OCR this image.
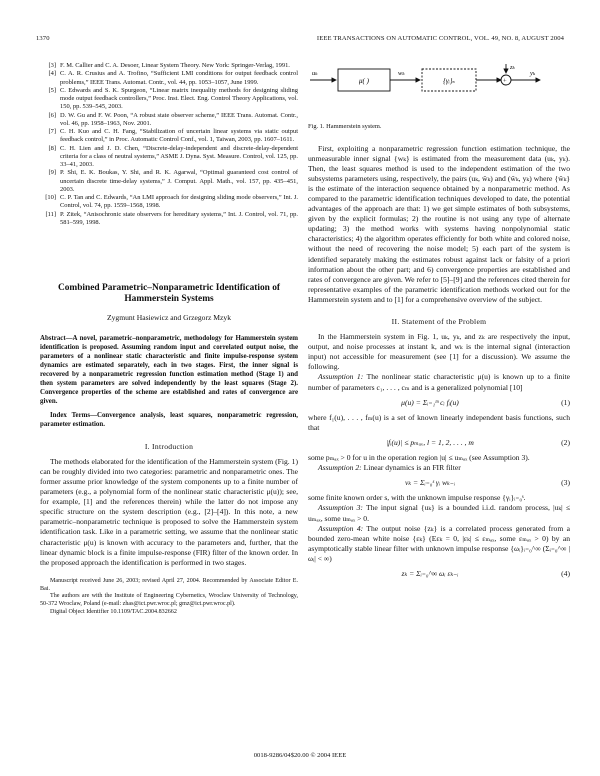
1370	IEEE TRANSACTIONS ON AUTOMATIC CONTROL, VOL. 49, NO. 8, AUGUST 2004
[3] F. M. Callier and C. A. Desoer, Linear System Theory. New York: Springer-Verlag, 1991.
[4] C. A. R. Crusius and A. Trofino, “Sufficient LMI conditions for output feedback control problems,” IEEE Trans. Automat. Contr., vol. 44, pp. 1053–1057, June 1999.
[5] C. Edwards and S. K. Spurgeon, “Linear matrix inequality methods for designing sliding mode output feedback controllers,” Proc. Inst. Elect. Eng. Control Theory Applications, vol. 150, pp. 539–545, 2003.
[6] D. W. Gu and F. W. Poon, “A robust state observer scheme,” IEEE Trans. Automat. Contr., vol. 46, pp. 1958–1963, Nov. 2001.
[7] C. H. Kuo and C. H. Fang, “Stabilization of uncertain linear systems via static output feedback control,” in Proc. Automatic Control Conf., vol. 1, Taiwan, 2003, pp. 1607–1611.
[8] C. H. Lien and J. D. Chen, “Discrete-delay-independent and discrete-delay-dependent criteria for a class of neutral systems,” ASME J. Dyna. Syst. Measure. Control, vol. 125, pp. 33–41, 2003.
[9] P. Shi, E. K. Boukas, Y. Shi, and R. K. Agarwal, “Optimal guaranteed cost control of uncertain discrete time-delay systems,” J. Comput. Appl. Math., vol. 157, pp. 435–451, 2003.
[10] C. P. Tan and C. Edwards, “An LMI approach for designing sliding mode observers,” Int. J. Control, vol. 74, pp. 1559–1568, 1998.
[11] P. Zitek, “Anisochronic state observers for hereditary systems,” Int. J. Control, vol. 71, pp. 581–599, 1998.
Combined Parametric–Nonparametric Identification of Hammerstein Systems
Zygmunt Hasiewicz and Grzegorz Mzyk

Abstract—A novel, parametric–nonparametric, methodology for Hammerstein system identification is proposed. Assuming random input and correlated output noise, the parameters of a nonlinear static characteristic and finite impulse-response system dynamics are estimated separately, each in two stages. First, the inner signal is recovered by a nonparametric regression function estimation method (Stage 1) and then system parameters are solved independently by the least squares (Stage 2). Convergence properties of the scheme are established and rates of convergence are given.

Index Terms—Convergence analysis, least squares, nonparametric regression, parameter estimation.

I. Introduction

The methods elaborated for the identification of the Hammerstein system (Fig. 1) can be roughly divided into two categories: parametric and nonparametric ones. The former assume prior knowledge of the system components up to a finite number of parameters (e.g., a polynomial form of the nonlinear static characteristic μ(u)); see, for example, [1] and the references therein) while the latter do not impose any specific structure on the system description (e.g., [2]–[4]). In this note, a new parametric–nonparametric technique is proposed to solve the Hammerstein system identification task. Like in a parametric setting, we assume that the nonlinear static characteristic μ(u) is known with accuracy to the parameters and, further, that the linear dynamic block is a finite impulse-response (FIR) filter of the known order. In the proposed approach the identification is performed in two stages.

Manuscript received June 26, 2003; revised April 27, 2004. Recommended by Associate Editor E. Bai.

The authors are with the Institute of Engineering Cybernetics, Wroclaw University of Technology, 50-372 Wroclaw, Poland (e-mail: zhas@ict.pwr.wroc.pl; gmz@ict.pwr.wroc.pl).

Digital Object Identifier 10.1109/TAC.2004.832662
uₖ
μ( )
wₖ
{γᵢ}ₛ	+
zₖ
yₖ
Fig. 1. Hammerstein system.

First, exploiting a nonparametric regression function estimation technique, the unmeasurable inner signal {wₖ} is estimated from the measurement data (uₖ, yₖ). Then, the least squares method is used to the independent estimation of the two subsystems parameters using, respectively, the pairs (uₖ, ŵₖ) and (ŵₖ, yₖ) where {ŵₖ} is the estimate of the interaction sequence obtained by a nonparametric method. As compared to the parametric identification techniques developed to date, the potential advantages of the approach are that: 1) we get simple estimates of both subsystems, given by the explicit formulas; 2) the routine is not using any type of alternate updating; 3) the method works with systems having nonpolynomial static characteristics; 4) the algorithm operates efficiently for both white and colored noise, without the need of recovering the noise model; 5) each part of the system is identified separately making the estimates robust against lack or falsity of a priori information about the other part; and 6) convergence properties are established and rates of convergence are given. We refer to [5]–[9] and the references cited therein for representative examples of the parametric identification methods worked out for the Hammerstein system and to [1] for a comprehensive overview of the subject.

II. Statement of the Problem

In the Hammerstein system in Fig. 1, uₖ, yₖ, and zₖ are respectively the input, output, and noise processes at instant k, and wₖ is the internal signal (interaction input) not accessible for measurement (see [1] for a discussion). We assume the following.

Assumption 1: The nonlinear static characteristic μ(u) is known up to a finite number of parameters c₁, . . . , cₘ and is a generalized polynomial [10]

μ(u) = Σᵢ₌₁ᵐ cᵢ fᵢ(u)	(1)

where f₁(u), . . . , fₘ(u) is a set of known linearly independent basis functions, such that

|fᵢ(u)| ≤ pₘₐₓ, l = 1, 2, . . . , m	(2)

some pₘₐₓ > 0 for u in the operation region |u| ≤ uₘₐₓ (see Assumption 3).

Assumption 2: Linear dynamics is an FIR filter

vₖ = Σᵢ₌₀ˢ γᵢ wₖ₋ᵢ	(3)

some finite known order s, with the unknown impulse response {γᵢ}ᵢ₌₀ˢ.

Assumption 3: The input signal {uₖ} is a bounded i.i.d. random process, |uₖ| ≤ uₘₐₓ, some uₘₐₓ > 0.

Assumption 4: The output noise {zₖ} is a correlated process generated from a bounded zero-mean white noise {εₖ} (Eεₖ = 0, |εₖ| ≤ εₘₐₓ, some εₘₐₓ > 0) by an asymptotically stable linear filter with unknown impulse response {ωᵢ}ᵢ₌₀^∞ (Σᵢ₌₀^∞ |ωᵢ| < ∞)

zₖ = Σᵢ₌₀^∞ ωᵢ εₖ₋ᵢ	(4)
0018-9286/04$20.00 © 2004 IEEE
